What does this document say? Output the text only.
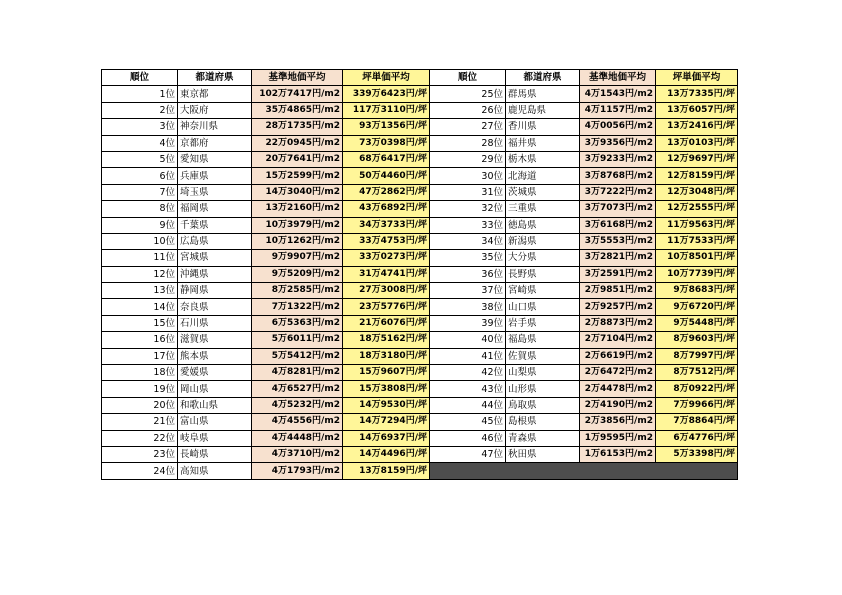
順位	都道府県	基準地価平均	坪単価平均	順位	都道府県	基準地価平均	坪単価平均
1位	東京都	102万7417円/m2	339万6423円/坪	25位	群馬県	4万1543円/m2	13万7335円/坪
2位	大阪府	35万4865円/m2	117万3110円/坪	26位	鹿児島県	4万1157円/m2	13万6057円/坪
3位	神奈川県	28万1735円/m2	93万1356円/坪	27位	香川県	4万0056円/m2	13万2416円/坪
4位	京都府	22万0945円/m2	73万0398円/坪	28位	福井県	3万9356円/m2	13万0103円/坪
5位	愛知県	20万7641円/m2	68万6417円/坪	29位	栃木県	3万9233円/m2	12万9697円/坪
6位	兵庫県	15万2599円/m2	50万4460円/坪	30位	北海道	3万8768円/m2	12万8159円/坪
7位	埼玉県	14万3040円/m2	47万2862円/坪	31位	茨城県	3万7222円/m2	12万3048円/坪
8位	福岡県	13万2160円/m2	43万6892円/坪	32位	三重県	3万7073円/m2	12万2555円/坪
9位	千葉県	10万3979円/m2	34万3733円/坪	33位	徳島県	3万6168円/m2	11万9563円/坪
10位	広島県	10万1262円/m2	33万4753円/坪	34位	新潟県	3万5553円/m2	11万7533円/坪
11位	宮城県	9万9907円/m2	33万0273円/坪	35位	大分県	3万2821円/m2	10万8501円/坪
12位	沖縄県	9万5209円/m2	31万4741円/坪	36位	長野県	3万2591円/m2	10万7739円/坪
13位	静岡県	8万2585円/m2	27万3008円/坪	37位	宮崎県	2万9851円/m2	9万8683円/坪
14位	奈良県	7万1322円/m2	23万5776円/坪	38位	山口県	2万9257円/m2	9万6720円/坪
15位	石川県	6万5363円/m2	21万6076円/坪	39位	岩手県	2万8873円/m2	9万5448円/坪
16位	滋賀県	5万6011円/m2	18万5162円/坪	40位	福島県	2万7104円/m2	8万9603円/坪
17位	熊本県	5万5412円/m2	18万3180円/坪	41位	佐賀県	2万6619円/m2	8万7997円/坪
18位	愛媛県	4万8281円/m2	15万9607円/坪	42位	山梨県	2万6472円/m2	8万7512円/坪
19位	岡山県	4万6527円/m2	15万3808円/坪	43位	山形県	2万4478円/m2	8万0922円/坪
20位	和歌山県	4万5232円/m2	14万9530円/坪	44位	鳥取県	2万4190円/m2	7万9966円/坪
21位	富山県	4万4556円/m2	14万7294円/坪	45位	島根県	2万3856円/m2	7万8864円/坪
22位	岐阜県	4万4448円/m2	14万6937円/坪	46位	青森県	1万9595円/m2	6万4776円/坪
23位	長崎県	4万3710円/m2	14万4496円/坪	47位	秋田県	1万6153円/m2	5万3398円/坪
24位	高知県	4万1793円/m2	13万8159円/坪				
